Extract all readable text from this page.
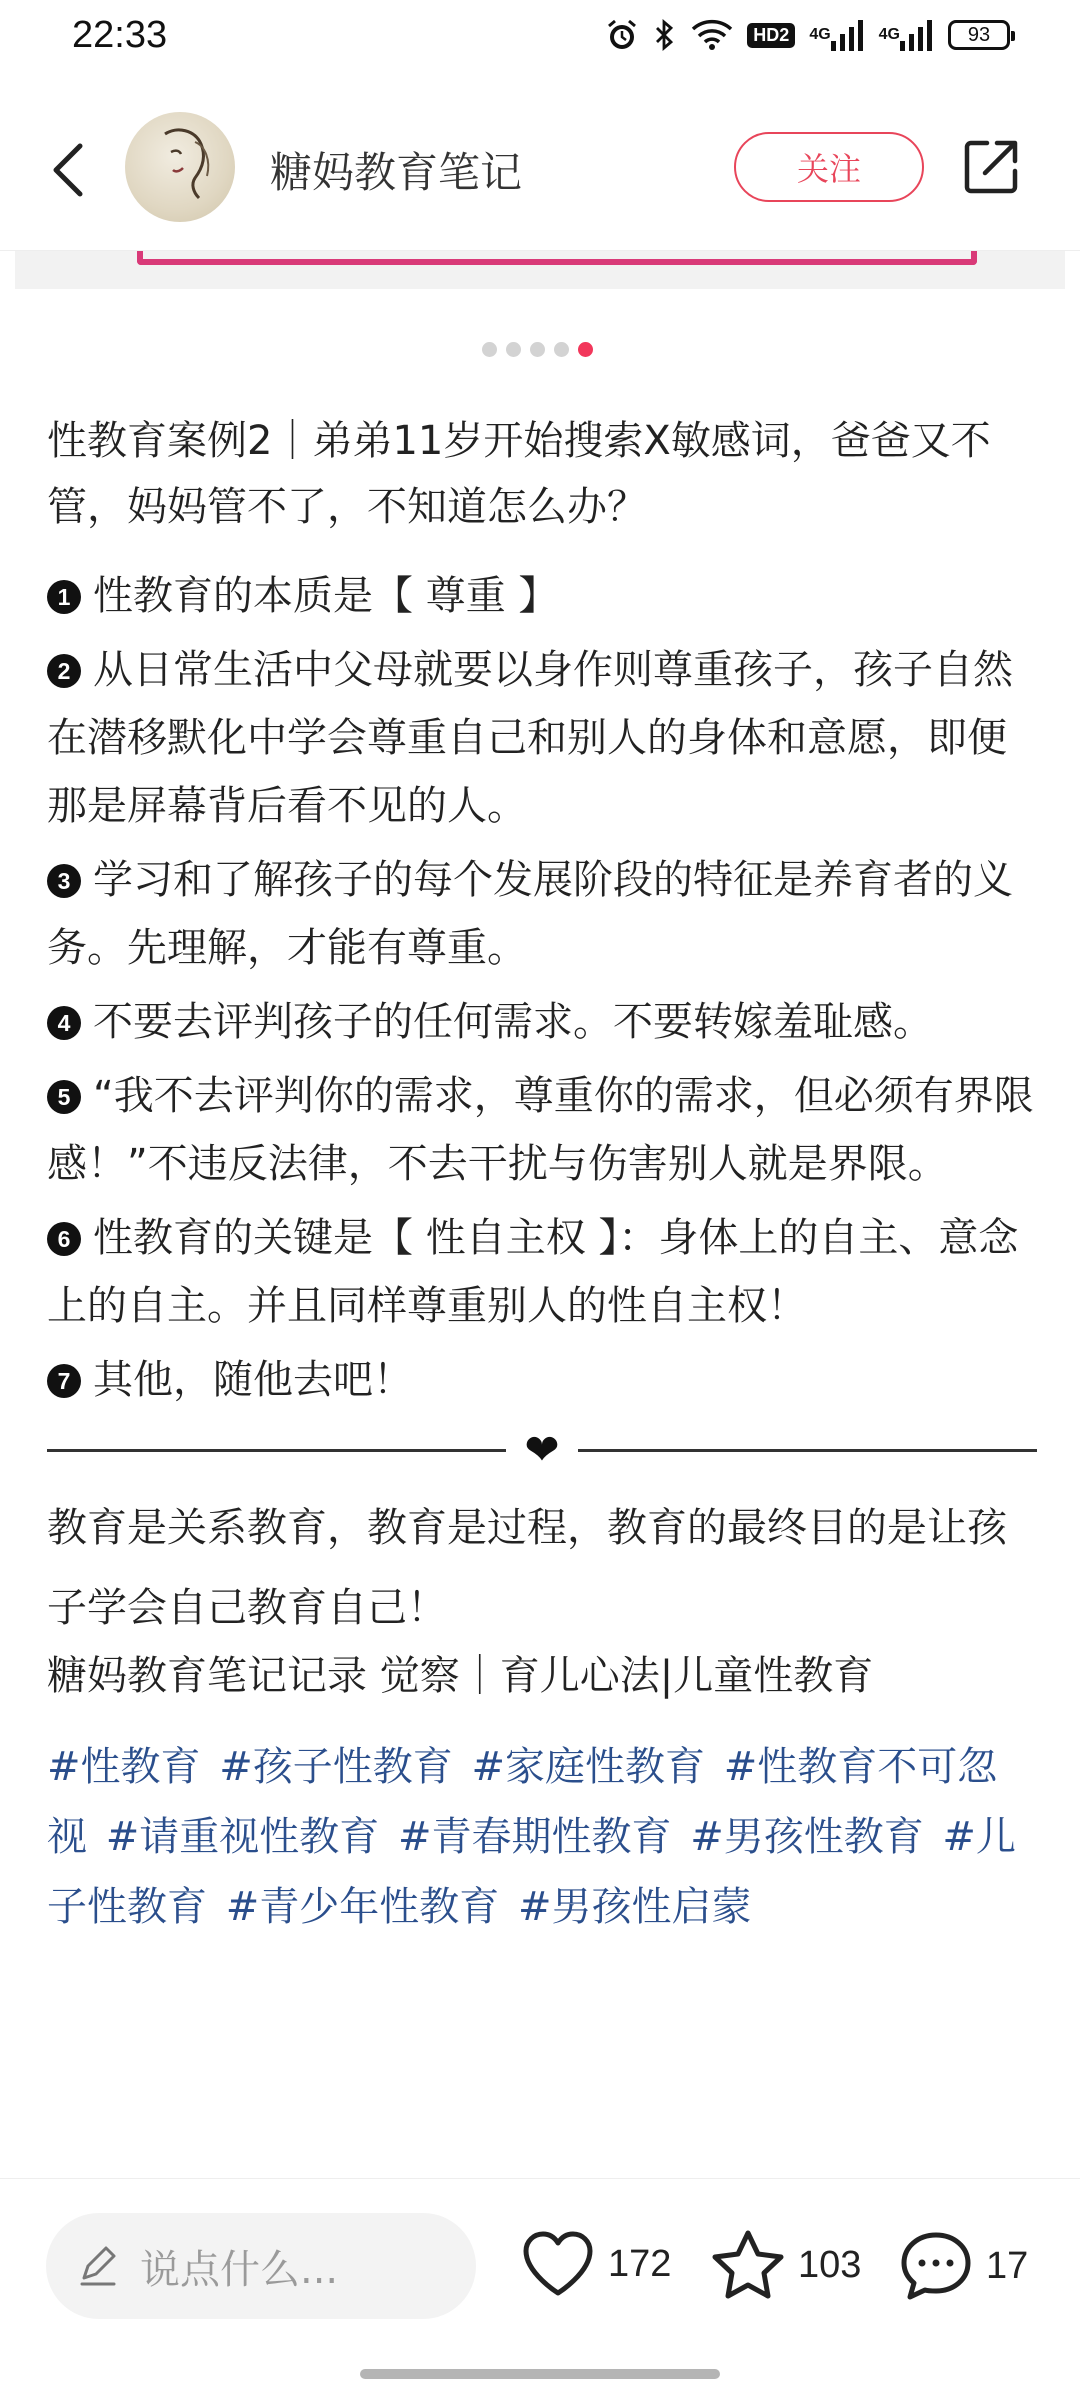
22:33	HD2	4G	4G	93
糖妈教育笔记	关注
性教育案例2｜弟弟11岁开始搜索X敏感词，爸爸又不管，妈妈管不了，不知道怎么办？
1 性教育的本质是【 尊重 】
2 从日常生活中父母就要以身作则尊重孩子，孩子自然在潜移默化中学会尊重自己和别人的身体和意愿，即便那是屏幕背后看不见的人。
3 学习和了解孩子的每个发展阶段的特征是养育者的义务。先理解，才能有尊重。
4 不要去评判孩子的任何需求。不要转嫁羞耻感。
5 “我不去评判你的需求，尊重你的需求，但必须有界限感！”不违反法律，不去干扰与伤害别人就是界限。
6 性教育的关键是【 性自主权 】：身体上的自主、意念上的自主。并且同样尊重别人的性自主权！
7 其他，随他去吧！
❤
教育是关系教育，教育是过程，教育的最终目的是让孩子学会自己教育自己！
糖妈教育笔记记录 觉察｜育儿心法|儿童性教育
#性教育 #孩子性教育 #家庭性教育 #性教育不可忽视 #请重视性教育 #青春期性教育 #男孩性教育 #儿子性教育 #青少年性教育 #男孩性启蒙
说点什么...	172	103	17
